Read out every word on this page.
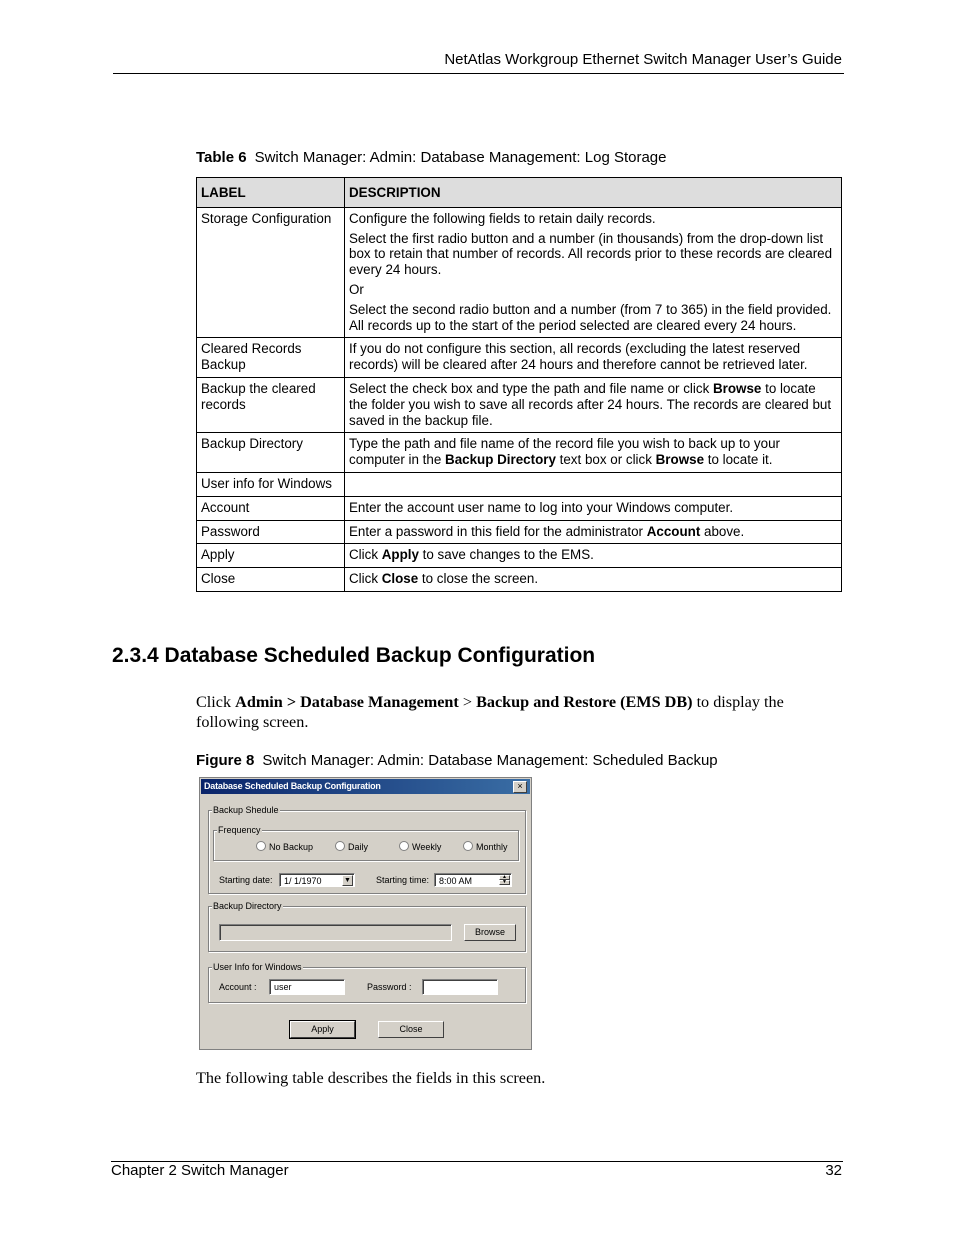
NetAtlas Workgroup Ethernet Switch Manager User’s Guide
Table 6 Switch Manager: Admin: Database Management: Log Storage
LABEL	DESCRIPTION
Storage Configuration	Configure the following fields to retain daily records.

Select the first radio button and a number (in thousands) from the drop-down list box to retain that number of records. All records prior to these records are cleared every 24 hours.

Or

Select the second radio button and a number (from 7 to 365) in the field provided. All records up to the start of the period selected are cleared every 24 hours.

Cleared Records Backup	If you do not configure this section, all records (excluding the latest reserved records) will be cleared after 24 hours and therefore cannot be retrieved later.
Backup the cleared records	Select the check box and type the path and file name or click Browse to locate the folder you wish to save all records after 24 hours. The records are cleared but saved in the backup file.
Backup Directory	Type the path and file name of the record file you wish to back up to your computer in the Backup Directory text box or click Browse to locate it.
User info for Windows	
Account	Enter the account user name to log into your Windows computer.
Password	Enter a password in this field for the administrator Account above.
Apply	Click Apply to save changes to the EMS.
Close	Click Close to close the screen.
2.3.4 Database Scheduled Backup Configuration
Click Admin > Database Management > Backup and Restore (EMS DB) to display the following screen.
Figure 8 Switch Manager: Admin: Database Management: Scheduled Backup
Database Scheduled Backup Configuration	×
Backup Shedule
Frequency
No Backup	Daily	Weekly	Monthly
Starting date:	1/ 1/1970	▼	Starting time:	8:00 AM	▲
▼
Backup Directory
Browse
User Info for Windows
Account :	user	Password :
Apply	Close
The following table describes the fields in this screen.
Chapter 2 Switch Manager	32
